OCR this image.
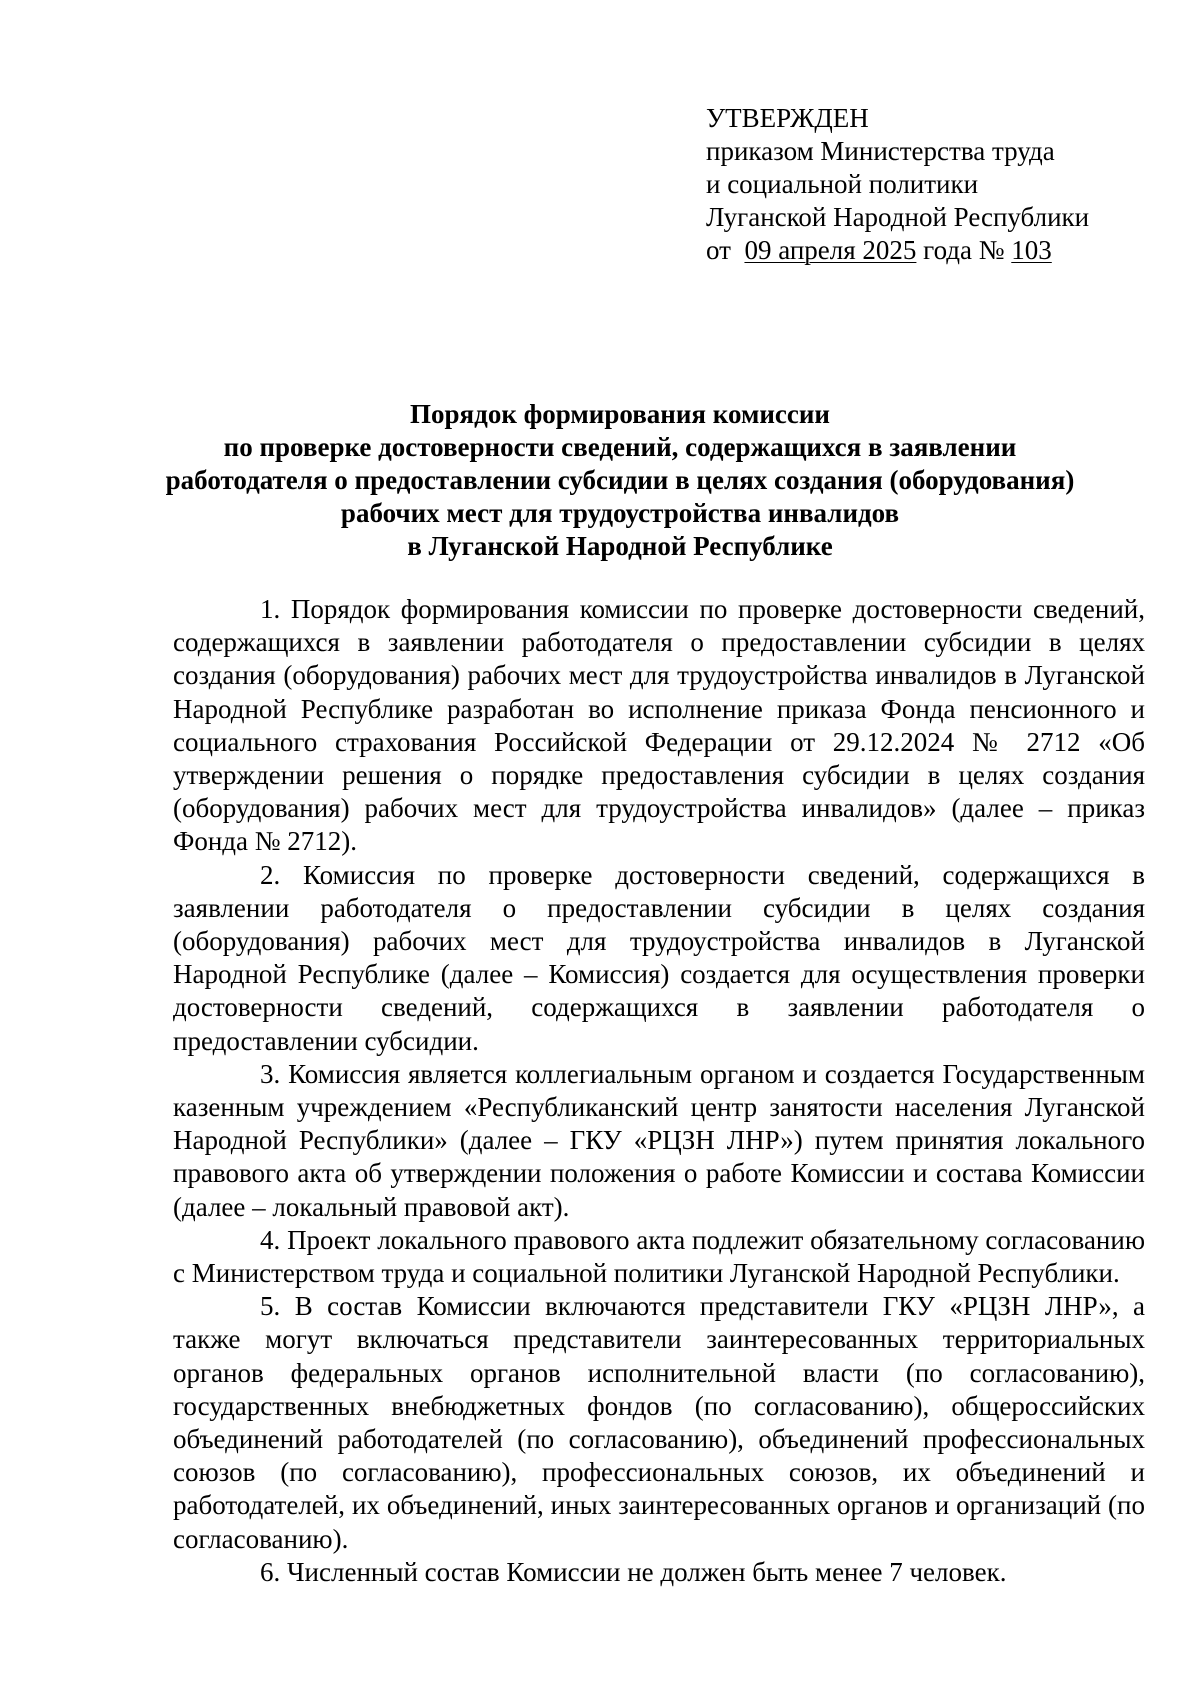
УТВЕРЖДЕН
приказом Министерства труда
и социальной политики
Луганской Народной Республики
от 09 апреля 2025 года № 103
Порядок формирования комиссии
по проверке достоверности сведений, содержащихся в заявлении
работодателя о предоставлении субсидии в целях создания (оборудования)
рабочих мест для трудоустройства инвалидов
в Луганской Народной Республике

1. Порядок формирования комиссии по проверке достоверности сведений, содержащихся в заявлении работодателя о предоставлении субсидии в целях создания (оборудования) рабочих мест для трудоустройства инвалидов в Луганской Народной Республике разработан во исполнение приказа Фонда пенсионного и социального страхования Российской Федерации от 29.12.2024 № 2712 «Об утверждении решения о порядке предоставления субсидии в целях создания (оборудования) рабочих мест для трудоустройства инвалидов» (далее – приказ Фонда № 2712).

2. Комиссия по проверке достоверности сведений, содержащихся в заявлении работодателя о предоставлении субсидии в целях создания (оборудования) рабочих мест для трудоустройства инвалидов в Луганской Народной Республике (далее – Комиссия) создается для осуществления проверки достоверности сведений, содержащихся в заявлении работодателя о предоставлении субсидии.

3. Комиссия является коллегиальным органом и создается Государственным казенным учреждением «Республиканский центр занятости населения Луганской Народной Республики» (далее – ГКУ «РЦЗН ЛНР») путем принятия локального правового акта об утверждении положения о работе Комиссии и состава Комиссии (далее – локальный правовой акт).

4. Проект локального правового акта подлежит обязательному согласованию с Министерством труда и социальной политики Луганской Народной Республики.

5. В состав Комиссии включаются представители ГКУ «РЦЗН ЛНР», а также могут включаться представители заинтересованных территориальных органов федеральных органов исполнительной власти (по согласованию), государственных внебюджетных фондов (по согласованию), общероссийских объединений работодателей (по согласованию), объединений профессиональных союзов (по согласованию), профессиональных союзов, их объединений и работодателей, их объединений, иных заинтересованных органов и организаций (по согласованию).

6. Численный состав Комиссии не должен быть менее 7 человек.
